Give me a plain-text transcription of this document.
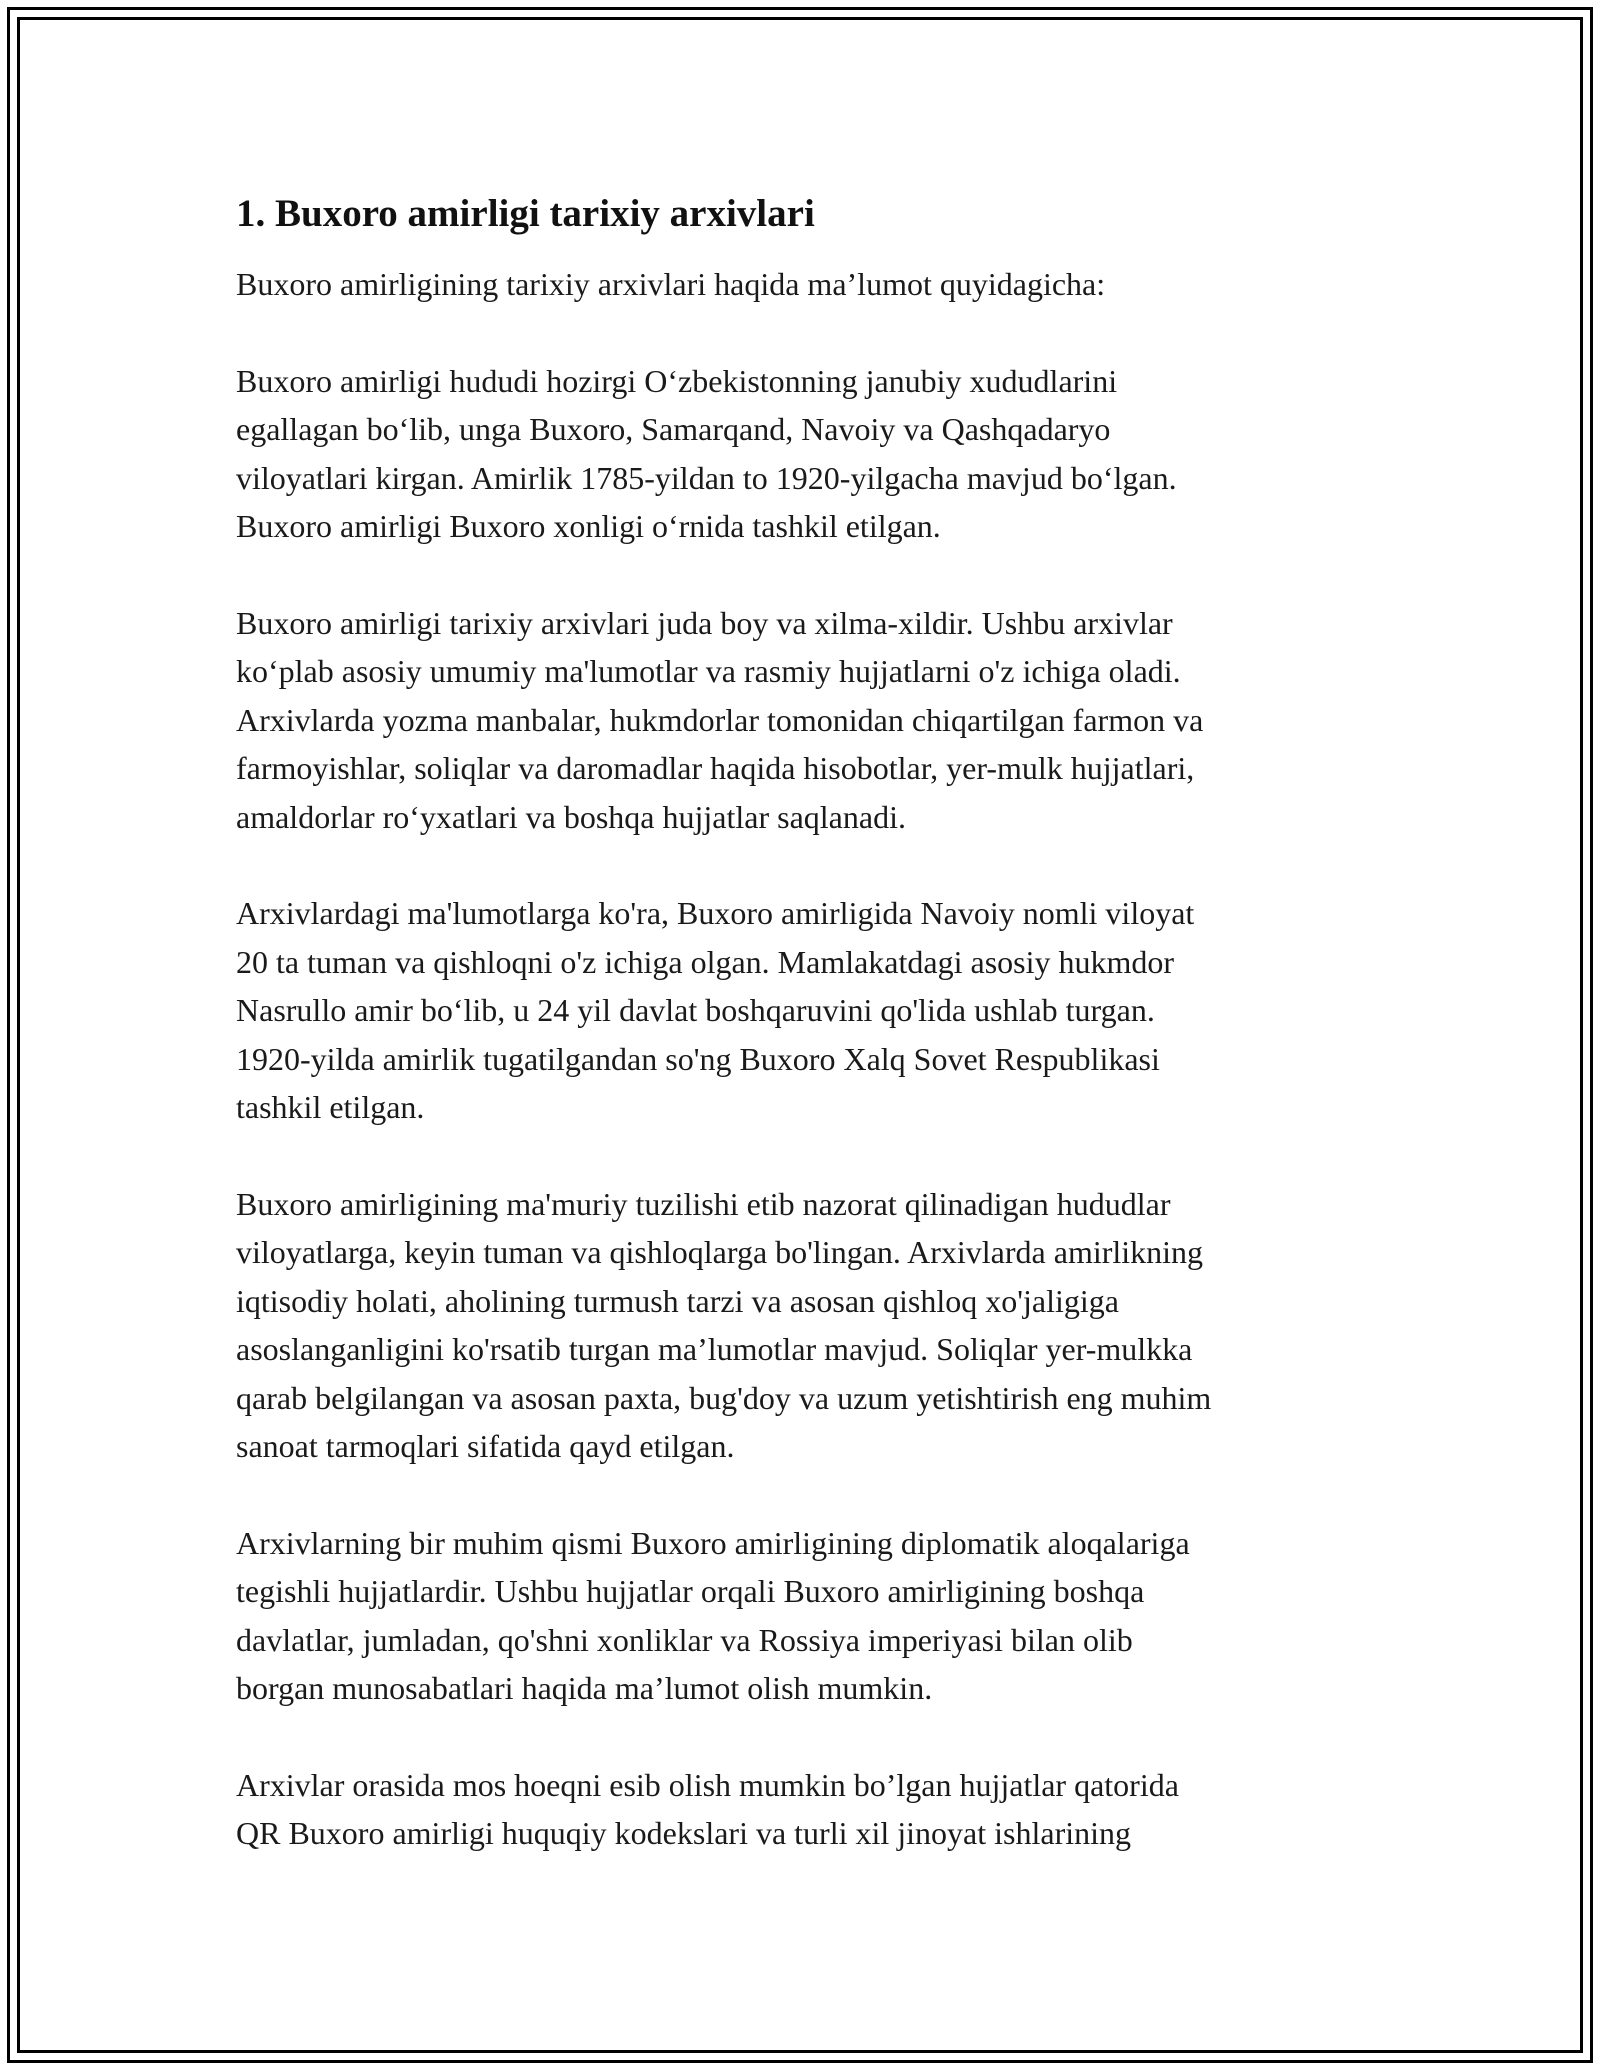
1. Buxoro amirligi tarixiy arxivlari

Buxoro amirligining tarixiy arxivlari haqida ma’lumot quyidagicha:

Buxoro amirligi hududi hozirgi O‘zbekistonning janubiy xududlarini
egallagan bo‘lib, unga Buxoro, Samarqand, Navoiy va Qashqadaryo
viloyatlari kirgan. Amirlik 1785-yildan to 1920-yilgacha mavjud bo‘lgan.
Buxoro amirligi Buxoro xonligi o‘rnida tashkil etilgan.

Buxoro amirligi tarixiy arxivlari juda boy va xilma-xildir. Ushbu arxivlar
ko‘plab asosiy umumiy ma'lumotlar va rasmiy hujjatlarni o'z ichiga oladi.
Arxivlarda yozma manbalar, hukmdorlar tomonidan chiqartilgan farmon va
farmoyishlar, soliqlar va daromadlar haqida hisobotlar, yer-mulk hujjatlari,
amaldorlar ro‘yxatlari va boshqa hujjatlar saqlanadi.

Arxivlardagi ma'lumotlarga ko'ra, Buxoro amirligida Navoiy nomli viloyat
20 ta tuman va qishloqni o'z ichiga olgan. Mamlakatdagi asosiy hukmdor
Nasrullo amir bo‘lib, u 24 yil davlat boshqaruvini qo'lida ushlab turgan.
1920-yilda amirlik tugatilgandan so'ng Buxoro Xalq Sovet Respublikasi
tashkil etilgan.

Buxoro amirligining ma'muriy tuzilishi etib nazorat qilinadigan hududlar
viloyatlarga, keyin tuman va qishloqlarga bo'lingan. Arxivlarda amirlikning
iqtisodiy holati, aholining turmush tarzi va asosan qishloq xo'jaligiga
asoslanganligini ko'rsatib turgan ma’lumotlar mavjud. Soliqlar yer-mulkka
qarab belgilangan va asosan paxta, bug'doy va uzum yetishtirish eng muhim
sanoat tarmoqlari sifatida qayd etilgan.

Arxivlarning bir muhim qismi Buxoro amirligining diplomatik aloqalariga
tegishli hujjatlardir. Ushbu hujjatlar orqali Buxoro amirligining boshqa
davlatlar, jumladan, qo'shni xonliklar va Rossiya imperiyasi bilan olib
borgan munosabatlari haqida ma’lumot olish mumkin.

Arxivlar orasida mos hoeqni esib olish mumkin bo’lgan hujjatlar qatorida
QR Buxoro amirligi huquqiy kodekslari va turli xil jinoyat ishlarining
